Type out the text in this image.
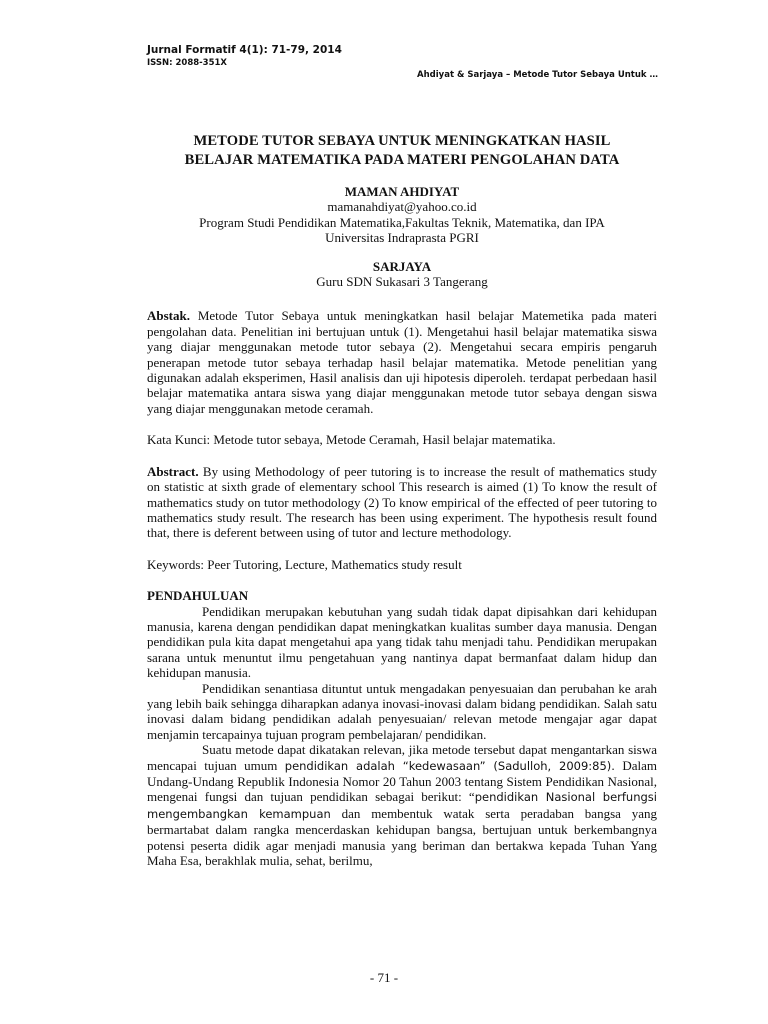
Jurnal Formatif 4(1): 71-79, 2014
ISSN: 2088-351X
Ahdiyat & Sarjaya – Metode Tutor Sebaya Untuk …
METODE TUTOR SEBAYA UNTUK MENINGKATKAN HASIL
BELAJAR MATEMATIKA PADA MATERI PENGOLAHAN DATA
MAMAN AHDIYAT
mamanahdiyat@yahoo.co.id
Program Studi Pendidikan Matematika,Fakultas Teknik, Matematika, dan IPA
Universitas Indraprasta PGRI
SARJAYA
Guru SDN Sukasari 3 Tangerang

Abstak. Metode Tutor Sebaya untuk meningkatkan hasil belajar Matemetika pada materi pengolahan data. Penelitian ini bertujuan untuk (1). Mengetahui hasil belajar matematika siswa yang diajar menggunakan metode tutor sebaya (2). Mengetahui secara empiris pengaruh penerapan metode tutor sebaya terhadap hasil belajar matematika. Metode penelitian yang digunakan adalah eksperimen, Hasil analisis dan uji hipotesis diperoleh. terdapat perbedaan hasil belajar matematika antara siswa yang diajar menggunakan metode tutor sebaya dengan siswa yang diajar menggunakan metode ceramah.

Kata Kunci: Metode tutor sebaya, Metode Ceramah, Hasil belajar matematika.

Abstract. By using Methodology of peer tutoring is to increase the result of mathematics study on statistic at sixth grade of elementary school This research is aimed (1) To know the result of mathematics study on tutor methodology (2) To know empirical of the effected of peer tutoring to mathematics study result. The research has been using experiment. The hypothesis result found that, there is deferent between using of tutor and lecture methodology.

Keywords: Peer Tutoring, Lecture, Mathematics study result

PENDAHULUAN

Pendidikan merupakan kebutuhan yang sudah tidak dapat dipisahkan dari kehidupan manusia, karena dengan pendidikan dapat meningkatkan kualitas sumber daya manusia. Dengan pendidikan pula kita dapat mengetahui apa yang tidak tahu menjadi tahu. Pendidikan merupakan sarana untuk menuntut ilmu pengetahuan yang nantinya dapat bermanfaat dalam hidup dan kehidupan manusia.

Pendidikan senantiasa dituntut untuk mengadakan penyesuaian dan perubahan ke arah yang lebih baik sehingga diharapkan adanya inovasi-inovasi dalam bidang pendidikan. Salah satu inovasi dalam bidang pendidikan adalah penyesuaian/ relevan metode mengajar agar dapat menjamin tercapainya tujuan program pembelajaran/ pendidikan.

Suatu metode dapat dikatakan relevan, jika metode tersebut dapat mengantarkan siswa mencapai tujuan umum pendidikan adalah “kedewasaan” (Sadulloh, 2009:85). Dalam Undang-Undang Republik Indonesia Nomor 20 Tahun 2003 tentang Sistem Pendidikan Nasional, mengenai fungsi dan tujuan pendidikan sebagai berikut: “pendidikan Nasional berfungsi mengembangkan kemampuan dan membentuk watak serta peradaban bangsa yang bermartabat dalam rangka mencerdaskan kehidupan bangsa, bertujuan untuk berkembangnya potensi peserta didik agar menjadi manusia yang beriman dan bertakwa kepada Tuhan Yang Maha Esa, berakhlak mulia, sehat, berilmu,

- 71 -
